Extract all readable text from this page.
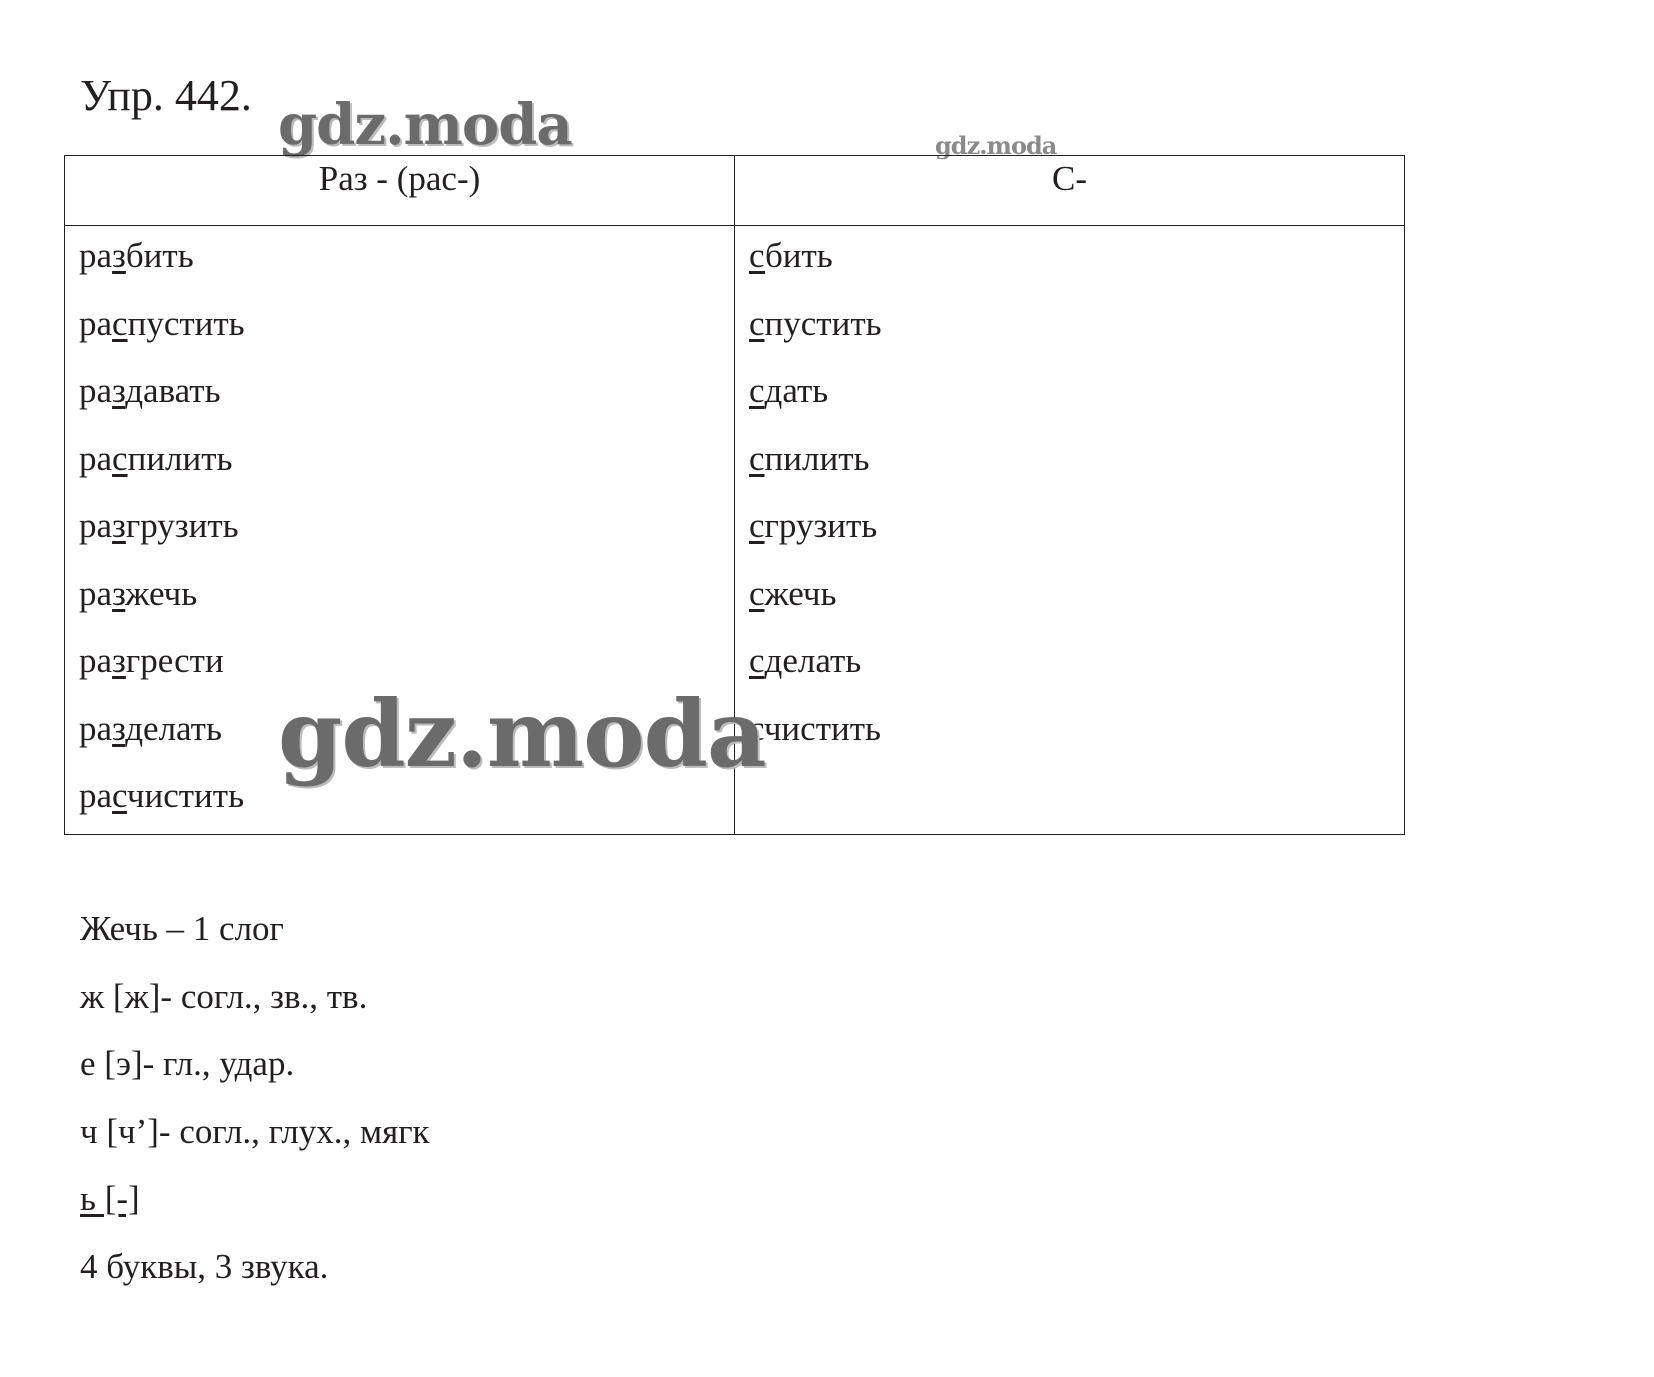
Упр. 442. gdz.moda	gdz.moda
Раз - (рас-)	С-
разбить
распустить
раздавать
распилить
разгрузить
разжечь
разгрести
разделать
расчистить
сбить
спустить
сдать
спилить
сгрузить
сжечь
сделать
счистить
gdz.moda
Жечь – 1 слог
ж [ж]- согл., зв., тв.
е [э]- гл., удар.
ч [ч’]- согл., глух., мягк
ь [-]
4 буквы, 3 звука.
